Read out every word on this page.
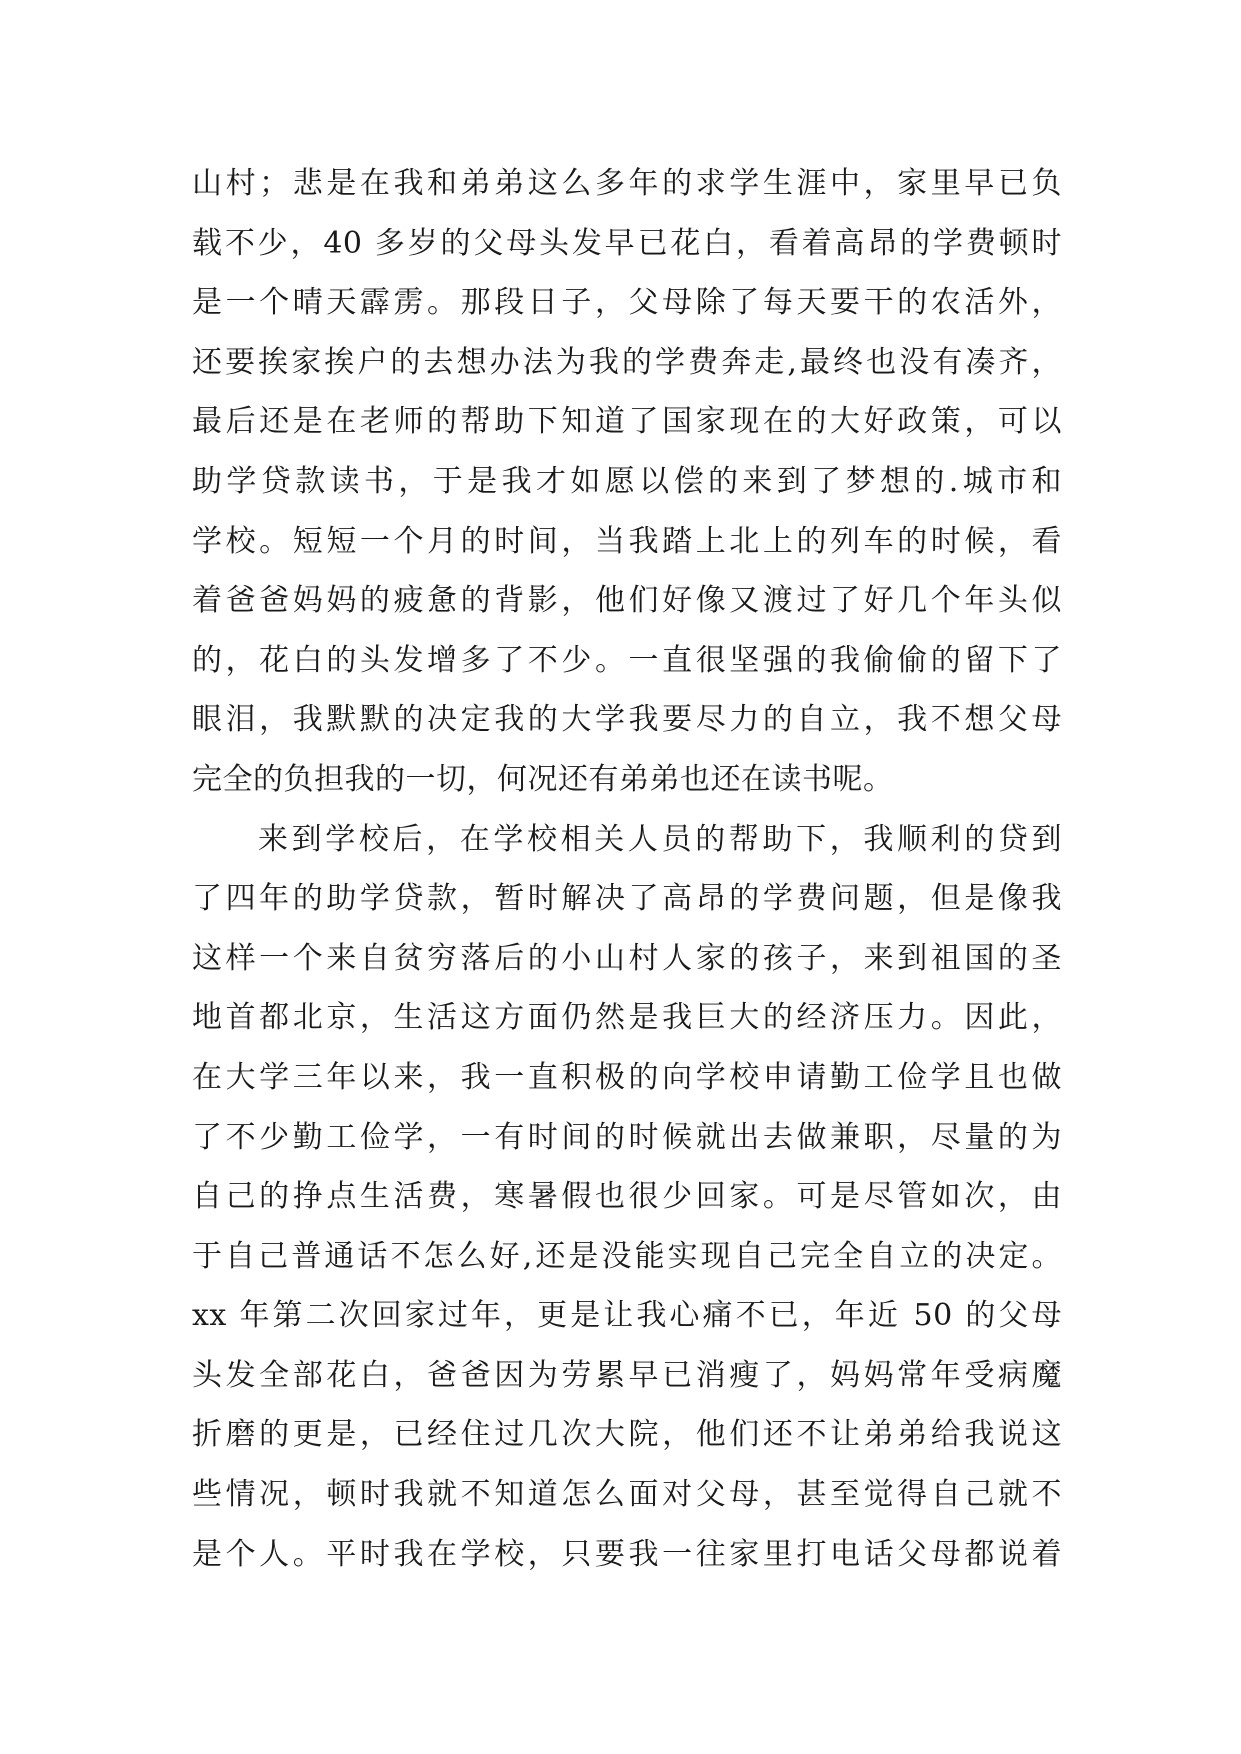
山村；悲是在我和弟弟这么多年的求学生涯中，家里早已负
载不少，40 多岁的父母头发早已花白，看着高昂的学费顿时
是一个晴天霹雳。那段日子，父母除了每天要干的农活外，
还要挨家挨户的去想办法为我的学费奔走,最终也没有凑齐，
最后还是在老师的帮助下知道了国家现在的大好政策，可以
助学贷款读书，于是我才如愿以偿的来到了梦想的.城市和
学校。短短一个月的时间，当我踏上北上的列车的时候，看
着爸爸妈妈的疲惫的背影，他们好像又渡过了好几个年头似
的，花白的头发增多了不少。一直很坚强的我偷偷的留下了
眼泪，我默默的决定我的大学我要尽力的自立，我不想父母
完全的负担我的一切，何况还有弟弟也还在读书呢。
来到学校后，在学校相关人员的帮助下，我顺利的贷到
了四年的助学贷款，暂时解决了高昂的学费问题，但是像我
这样一个来自贫穷落后的小山村人家的孩子，来到祖国的圣
地首都北京，生活这方面仍然是我巨大的经济压力。因此，
在大学三年以来，我一直积极的向学校申请勤工俭学且也做
了不少勤工俭学，一有时间的时候就出去做兼职，尽量的为
自己的挣点生活费，寒暑假也很少回家。可是尽管如次，由
于自己普通话不怎么好,还是没能实现自己完全自立的决定。
xx 年第二次回家过年，更是让我心痛不已，年近 50 的父母
头发全部花白，爸爸因为劳累早已消瘦了，妈妈常年受病魔
折磨的更是，已经住过几次大院，他们还不让弟弟给我说这
些情况，顿时我就不知道怎么面对父母，甚至觉得自己就不
是个人。平时我在学校，只要我一往家里打电话父母都说着
